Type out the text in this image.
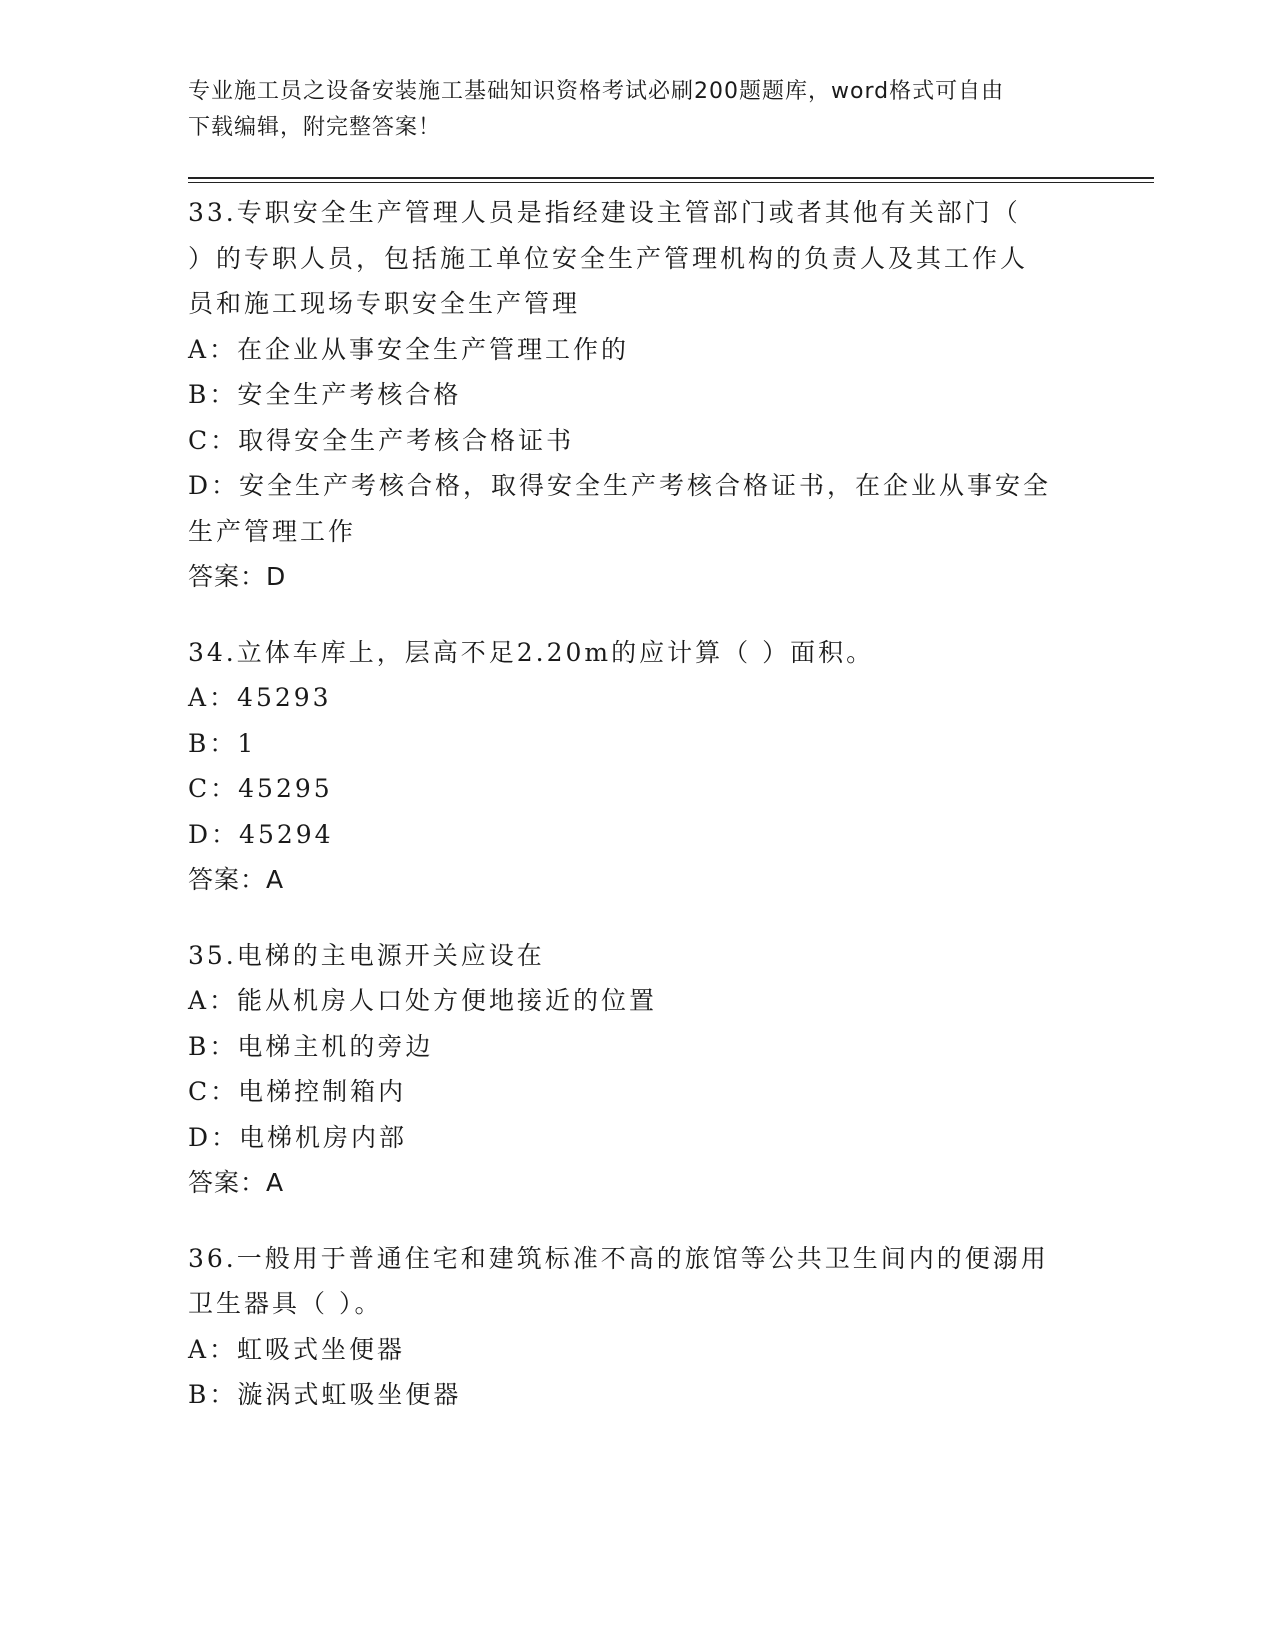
专业施工员之设备安装施工基础知识资格考试必刷200题题库，word格式可自由
下载编辑，附完整答案！
33.专职安全生产管理人员是指经建设主管部门或者其他有关部门（
）的专职人员，包括施工单位安全生产管理机构的负责人及其工作人
员和施工现场专职安全生产管理
A：在企业从事安全生产管理工作的
B：安全生产考核合格
C：取得安全生产考核合格证书
D：安全生产考核合格，取得安全生产考核合格证书，在企业从事安全
生产管理工作
答案：D
34.立体车库上，层高不足2.20m的应计算（ ）面积。
A：45293
B：1
C：45295
D：45294
答案：A
35.电梯的主电源开关应设在
A：能从机房人口处方便地接近的位置
B：电梯主机的旁边
C：电梯控制箱内
D：电梯机房内部
答案：A
36.一般用于普通住宅和建筑标准不高的旅馆等公共卫生间内的便溺用
卫生器具（ ）。
A：虹吸式坐便器
B：漩涡式虹吸坐便器
